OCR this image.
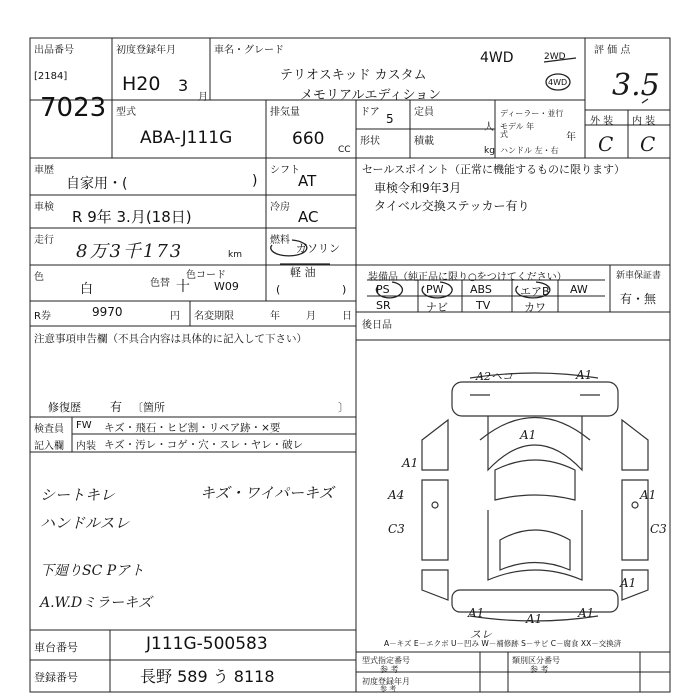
出品番号
[2184]
7023
初度登録年月
H20 3
月
車名・グレード	4WD
テリオスキッド カスタム
メモリアルエディション
2WD
4WD
評 価 点
3.5
外 装 内 装
C C
型式
ABA-J111G
排気量
660
CC
ドア 5 定員
人
形状	積載
kg
ディーラー・並行
モデル 年式	年
ハンドル 左・右
車歴
自家用・(	)
シフト
AT
車検
R 9年 3.月(18日)
冷房
AC
走行
8万3千173	km
燃料
ガソリン
軽 油
(	)
色
白	色替 十
色コード
W09
R券	9970	円 名変期限	年	月	日
セールスポイント（正常に機能するものに限ります）
車検令和9年3月
タイベル交換ステッカー有り
装備品（純正品に限り○をつけてください）
PS	PW ABS	エアB AW
SR	ナビ	TV	カワ
新車保証書
有・無
後日品
注意事項申告欄（不具合内容は具体的に記入して下さい）
修復歴 有 〔箇所	〕
検査員
記入欄
FW
内装
キズ・飛石・ヒビ割・リペア跡・×要
キズ・汚レ・コゲ・穴・スレ・ヤレ・破レ
シートキレ	キズ・ワイパーキズ
ハンドルスレ
下廻りSC Pアト
A.W.Dミラーキズ
A2ヘコ	A1
A1
A1
A4	A1
C3	C3
A1
A1	A1	A1
スレ
A－キズ E－エクボ U－凹み W－補修跡 S－サビ C－腐食 XX－交換済
車台番号	J111G-500583
登録番号	長野 589 う 8118
型式指定番号
参 考
類別区分番号
参 考
初度登録年月
参 考
